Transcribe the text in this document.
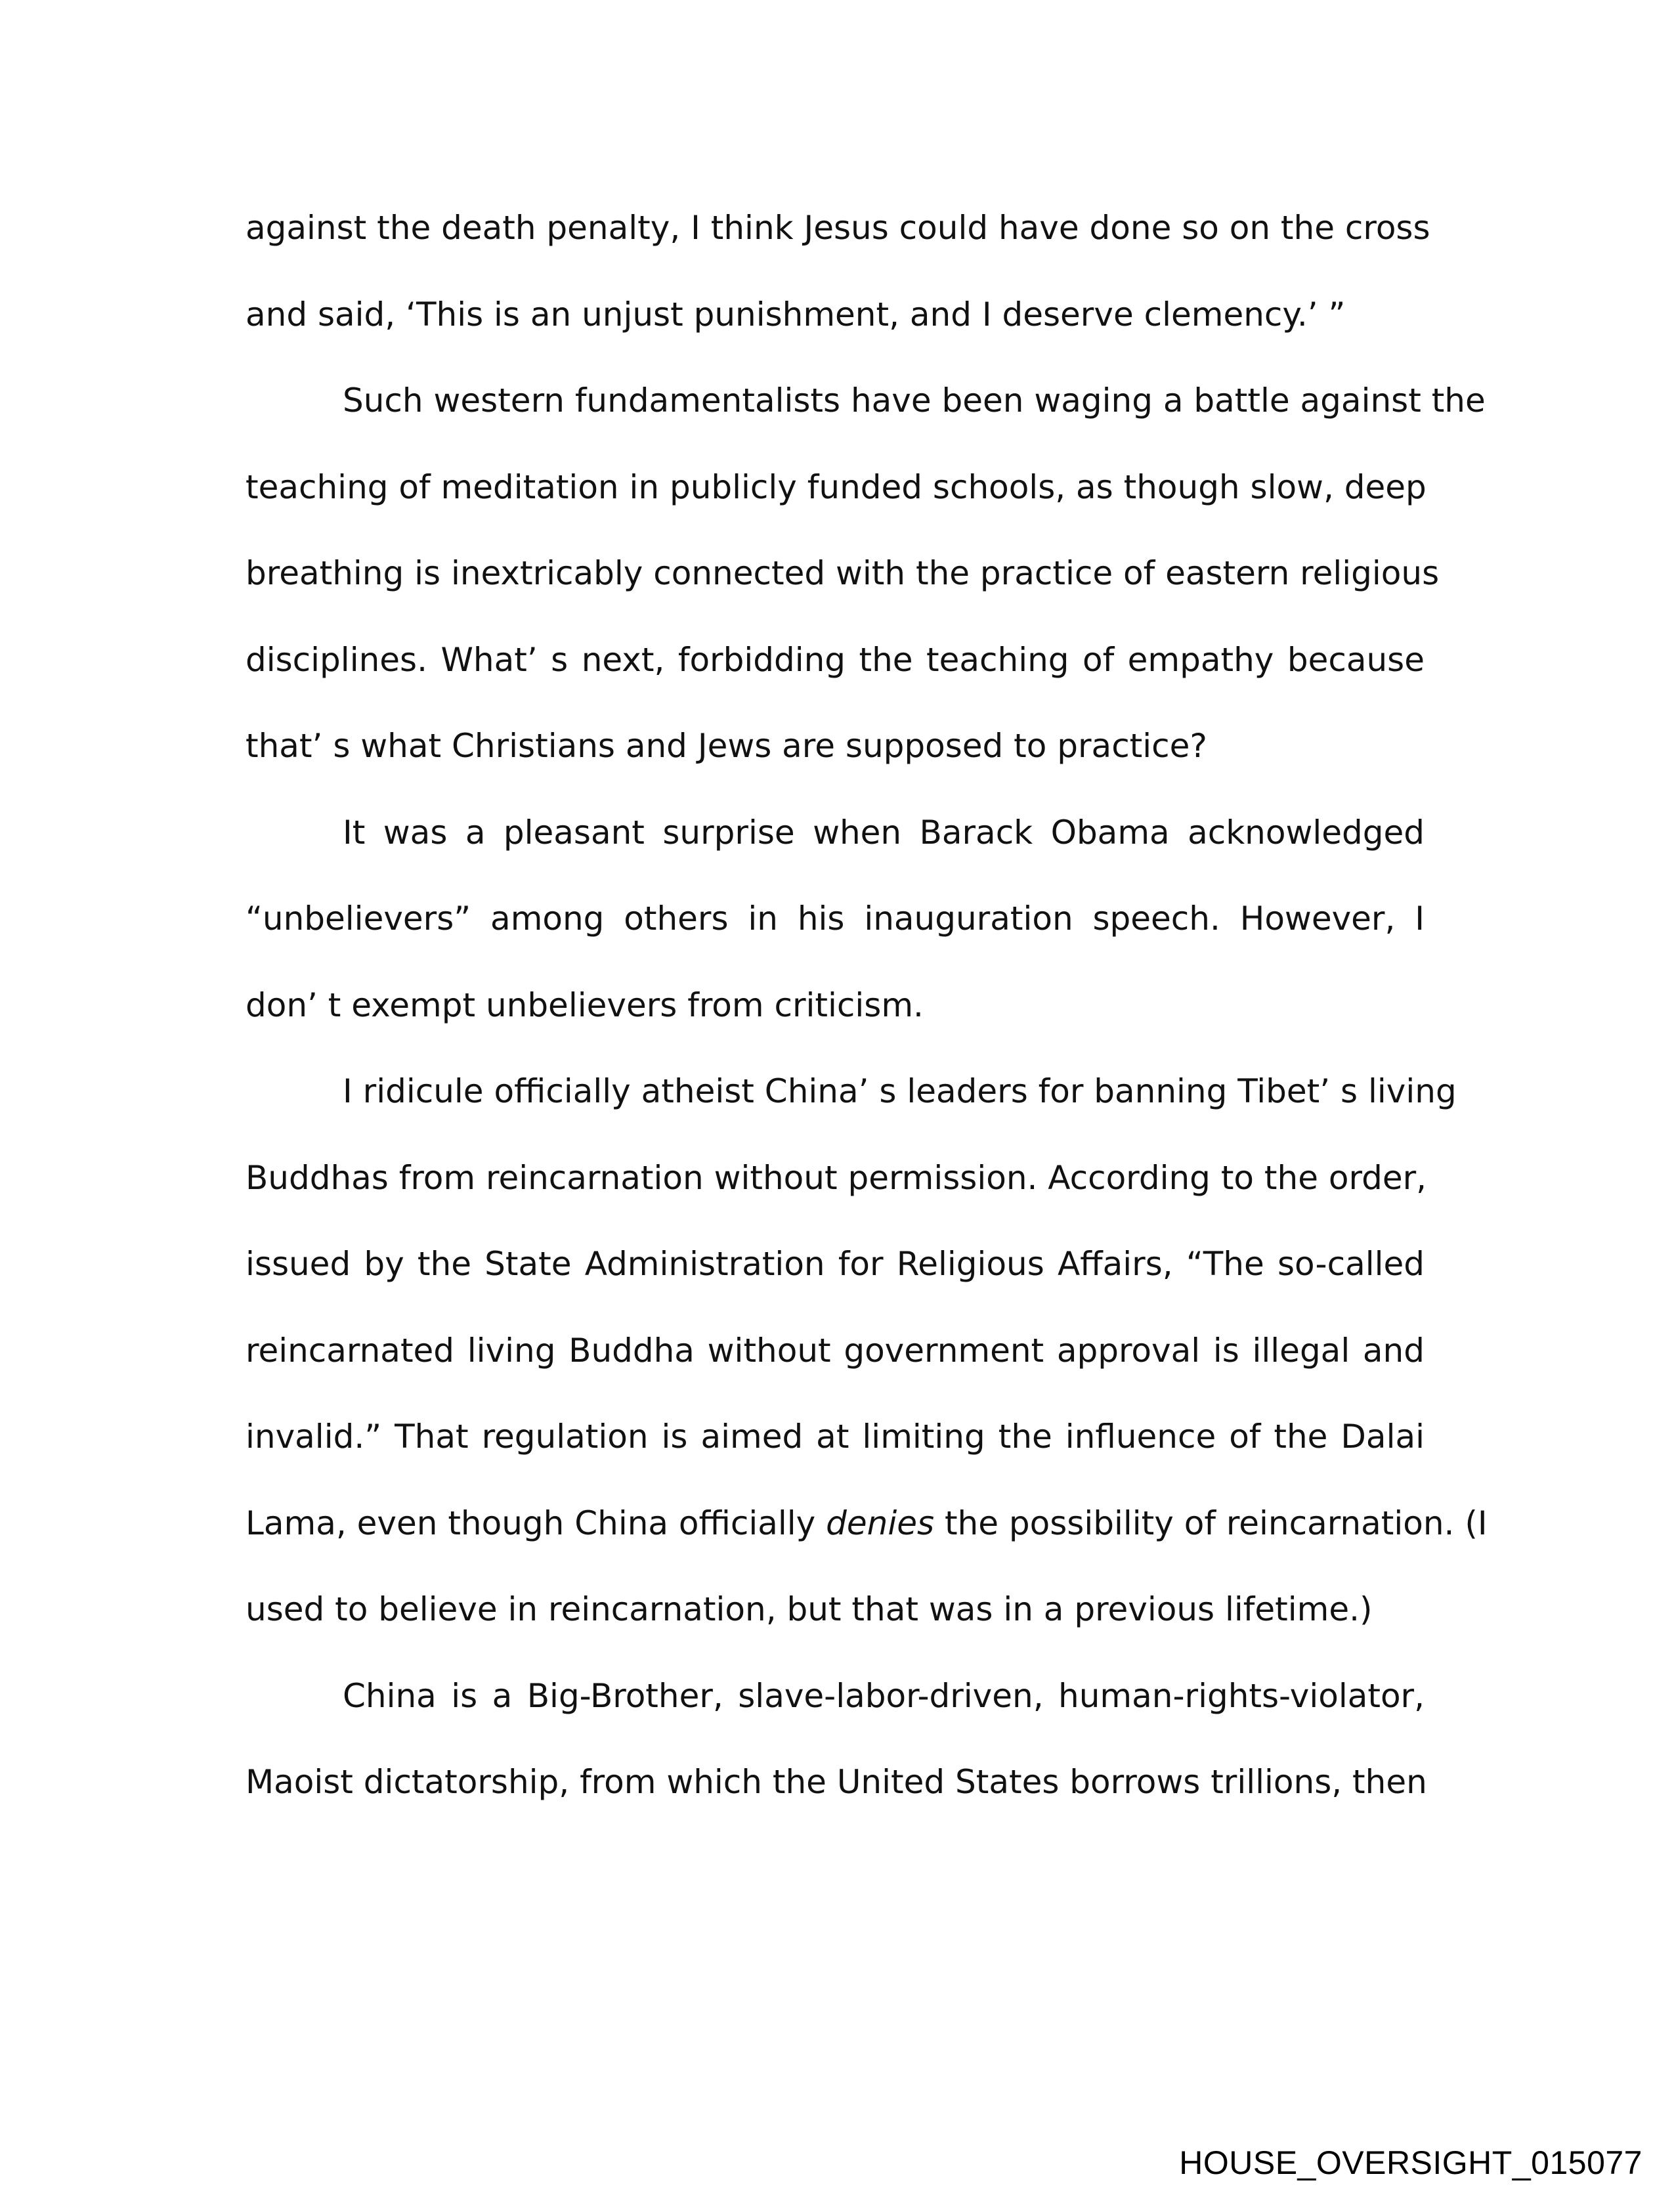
against the death penalty, I think Jesus could have done so on the cross
and said, ‘This is an unjust punishment, and I deserve clemency.’ ”
Such western fundamentalists have been waging a battle against the
teaching of meditation in publicly funded schools, as though slow, deep
breathing is inextricably connected with the practice of eastern religious
disciplines. What’ s next, forbidding the teaching of empathy because
that’ s what Christians and Jews are supposed to practice?
It was a pleasant surprise when Barack Obama acknowledged
“unbelievers” among others in his inauguration speech. However, I
don’ t exempt unbelievers from criticism.
I ridicule officially atheist China’ s leaders for banning Tibet’ s living
Buddhas from reincarnation without permission. According to the order,
issued by the State Administration for Religious Affairs, “The so-called
reincarnated living Buddha without government approval is illegal and
invalid.” That regulation is aimed at limiting the influence of the Dalai
Lama, even though China officially denies the possibility of reincarnation. (I
used to believe in reincarnation, but that was in a previous lifetime.)
China is a Big-Brother, slave-labor-driven, human-rights-violator,
Maoist dictatorship, from which the United States borrows trillions, then
HOUSE_OVERSIGHT_015077
